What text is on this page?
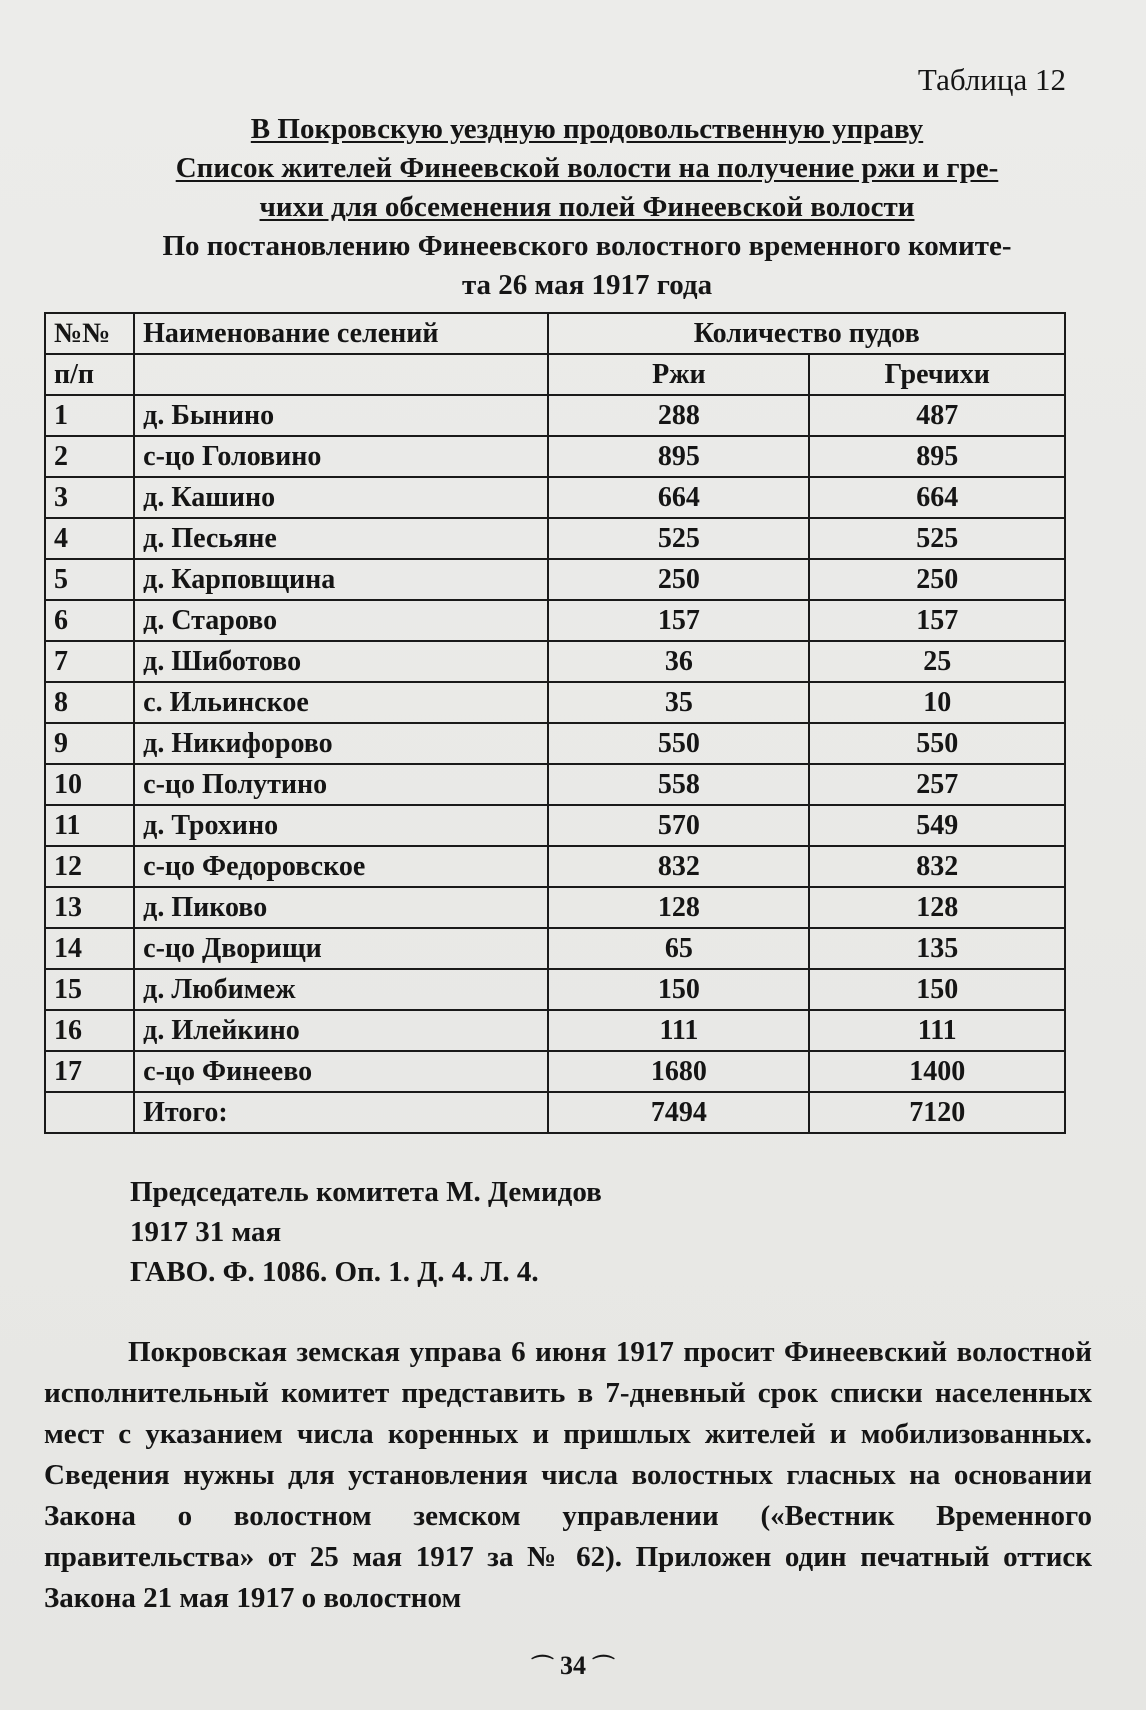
Таблица 12
В Покровскую уездную продовольственную управу
Список жителей Финеевской волости на получение ржи и гре-
чихи для обсеменения полей Финеевской волости
По постановлению Финеевского волостного временного комите-
та 26 мая 1917 года
№№	Наименование селений	Количество пудов	
п/п		Ржи	Гречихи
1	д. Бынино	288	487
2	с-цо Головино	895	895
3	д. Кашино	664	664
4	д. Песьяне	525	525
5	д. Карповщина	250	250
6	д. Старово	157	157
7	д. Шиботово	36	25
8	с. Ильинское	35	10
9	д. Никифорово	550	550
10	с-цо Полутино	558	257
11	д. Трохино	570	549
12	с-цо Федоровское	832	832
13	д. Пиково	128	128
14	с-цо Дворищи	65	135
15	д. Любимеж	150	150
16	д. Илейкино	111	111
17	с-цо Финеево	1680	1400
	Итого:	7494	7120
Председатель комитета М. Демидов
1917 31 мая
ГАВО. Ф. 1086. Оп. 1. Д. 4. Л. 4.
Покровская земская управа 6 июня 1917 просит Финеевский волостной исполнительный комитет представить в 7-дневный срок списки населенных мест с указанием числа коренных и пришлых жителей и мобилизованных. Сведения нужны для установления числа волостных гласных на основании Закона о волостном земском управлении («Вестник Временного правительства» от 25 мая 1917 за № 62). Приложен один печатный оттиск Закона 21 мая 1917 о волостном
⌒ 34 ⌒
